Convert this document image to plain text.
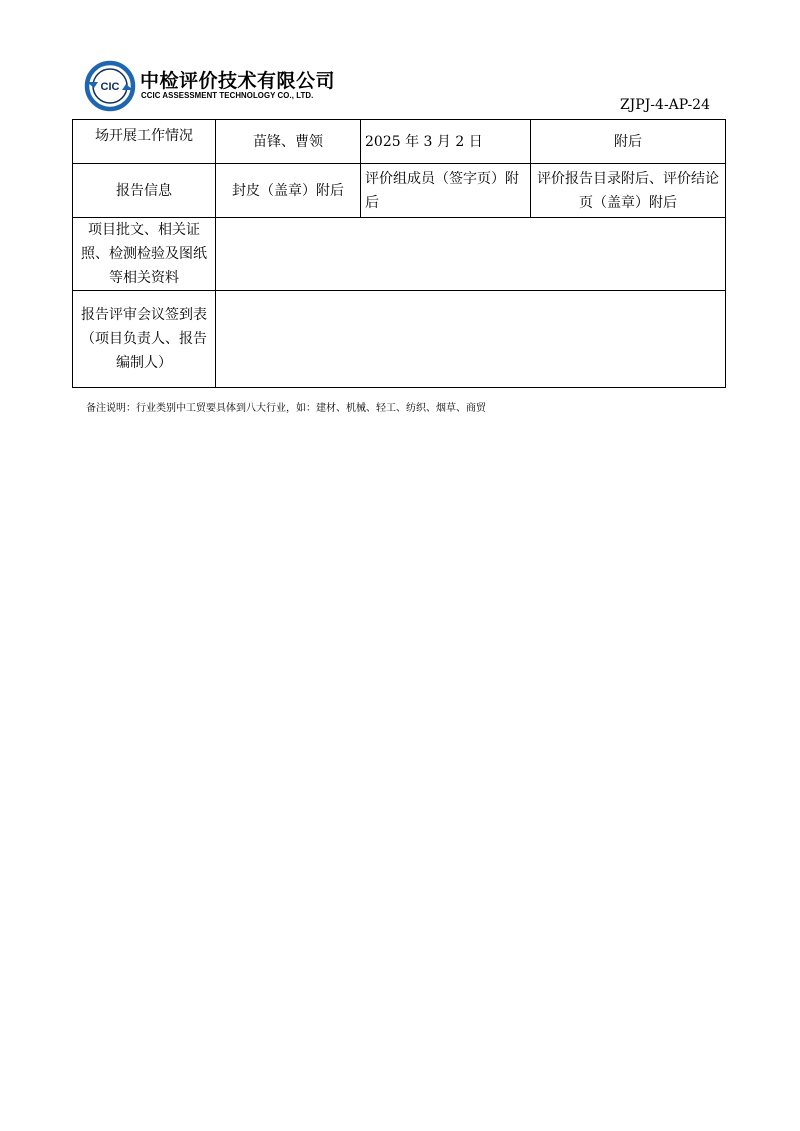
CIC 中检评价技术有限公司
CCIC ASSESSMENT TECHNOLOGY CO., LTD.
ZJPJ-4-AP-24
场开展工作情况	苗锋、曹领	2025 年 3 月 2 日	附后
报告信息	封皮（盖章）附后	评价组成员（签字页）附后	评价报告目录附后、评价结论页（盖章）附后
项目批文、相关证照、检测检验及图纸等相关资料			
报告评审会议签到表（项目负责人、报告编制人）			
备注说明：行业类别中工贸要具体到八大行业，如：建材、机械、轻工、纺织、烟草、商贸
